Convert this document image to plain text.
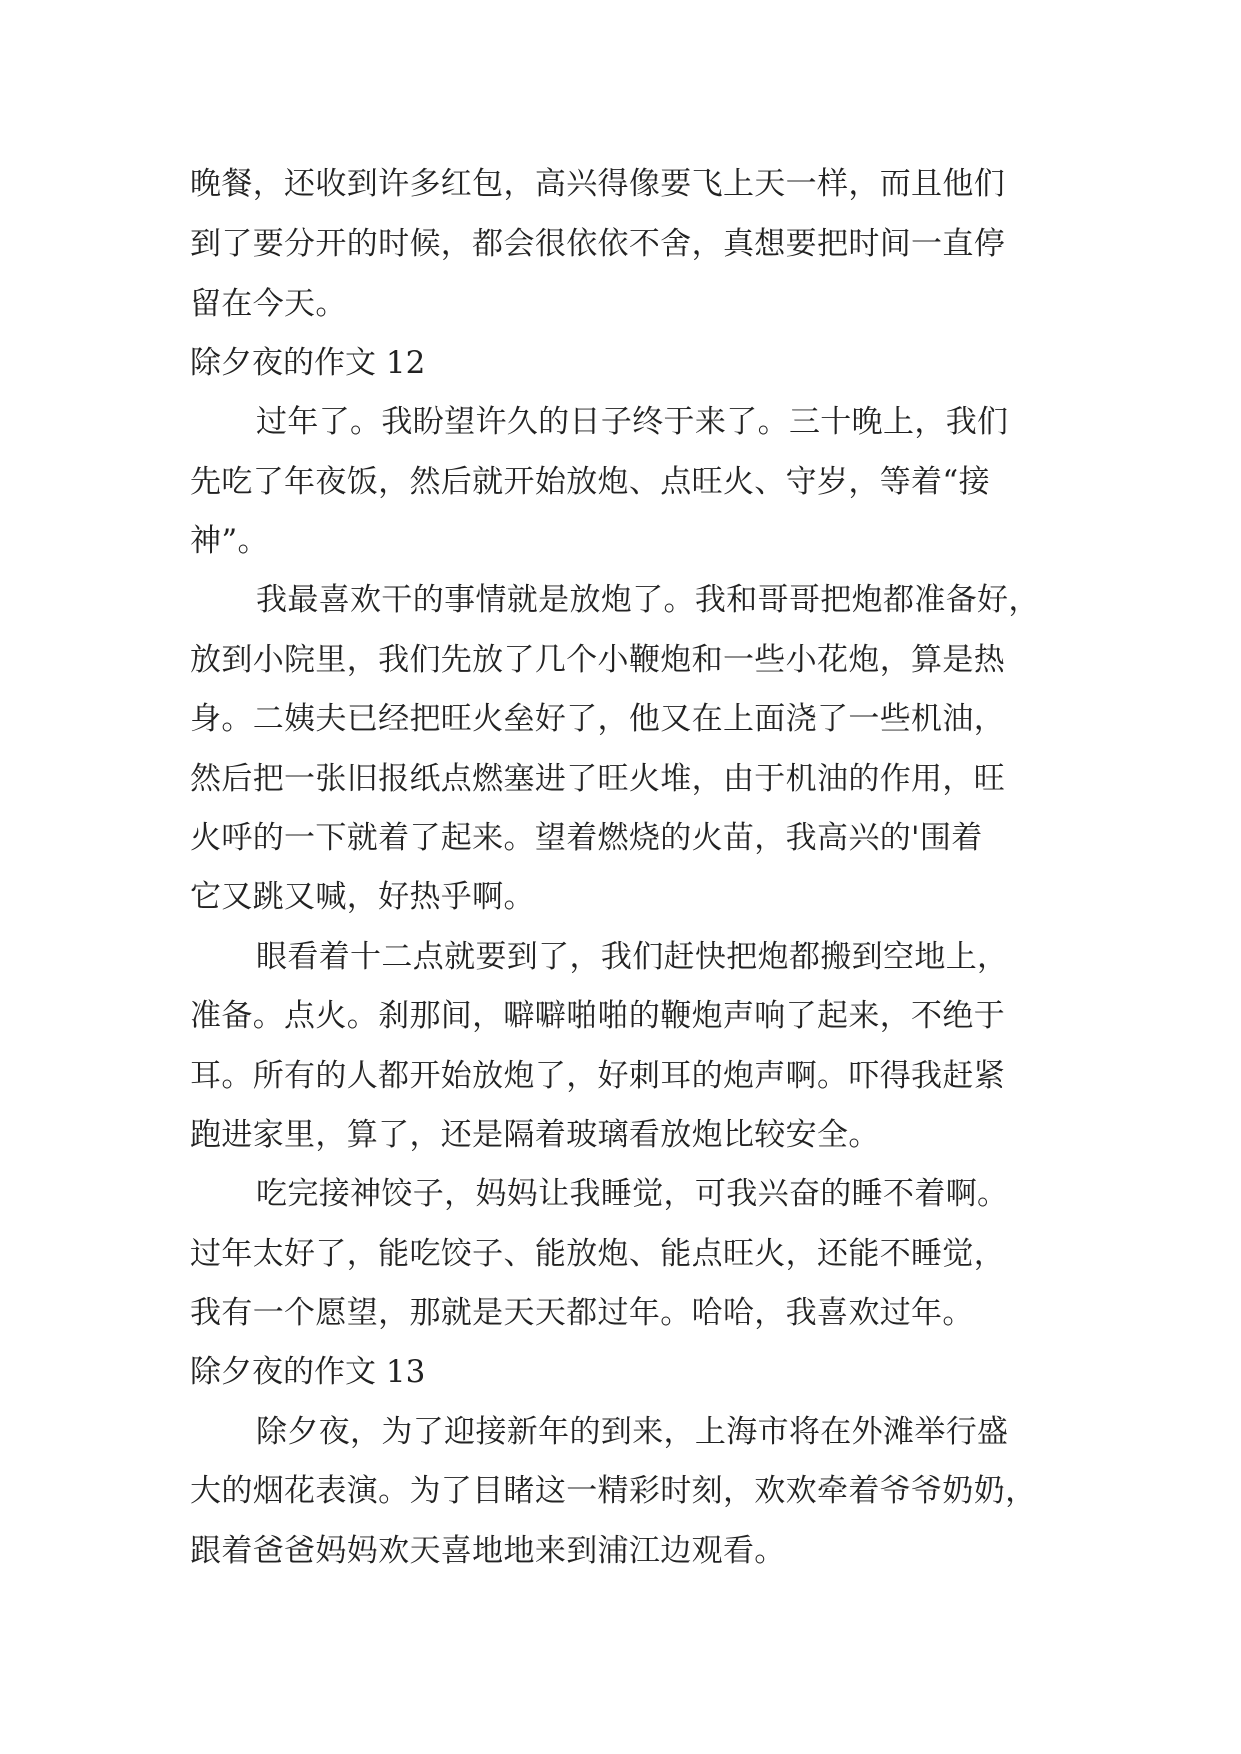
晚餐，还收到许多红包，高兴得像要飞上天一样，而且他们
到了要分开的时候，都会很依依不舍，真想要把时间一直停
留在今天。
除夕夜的作文 12
过年了。我盼望许久的日子终于来了。三十晚上，我们
先吃了年夜饭，然后就开始放炮、点旺火、守岁，等着“接
神”。
我最喜欢干的事情就是放炮了。我和哥哥把炮都准备好，
放到小院里，我们先放了几个小鞭炮和一些小花炮，算是热
身。二姨夫已经把旺火垒好了，他又在上面浇了一些机油，
然后把一张旧报纸点燃塞进了旺火堆，由于机油的作用，旺
火呼的一下就着了起来。望着燃烧的火苗，我高兴的'围着
它又跳又喊，好热乎啊。
眼看着十二点就要到了，我们赶快把炮都搬到空地上，
准备。点火。刹那间，噼噼啪啪的鞭炮声响了起来，不绝于
耳。所有的人都开始放炮了，好刺耳的炮声啊。吓得我赶紧
跑进家里，算了，还是隔着玻璃看放炮比较安全。
吃完接神饺子，妈妈让我睡觉，可我兴奋的睡不着啊。
过年太好了，能吃饺子、能放炮、能点旺火，还能不睡觉，
我有一个愿望，那就是天天都过年。哈哈，我喜欢过年。
除夕夜的作文 13
除夕夜，为了迎接新年的到来，上海市将在外滩举行盛
大的烟花表演。为了目睹这一精彩时刻，欢欢牵着爷爷奶奶，
跟着爸爸妈妈欢天喜地地来到浦江边观看。
